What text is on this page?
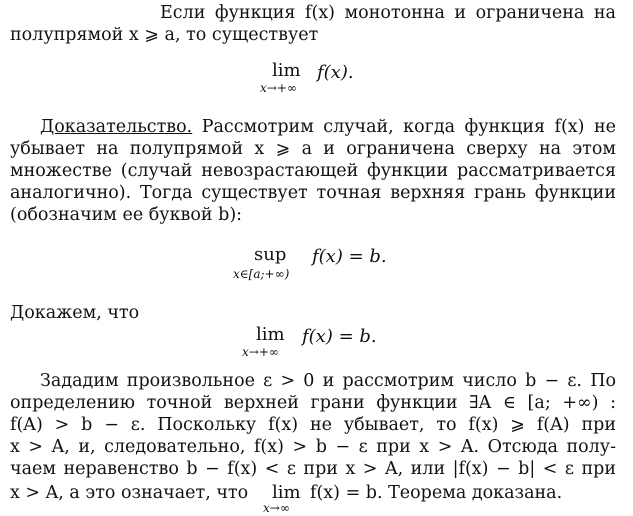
Если функция f(x) монотонна и ограничена на
полупрямой x ⩾ a, то существует
lim
x→+∞
f(x).
Доказательство. Рассмотрим случай, когда функция f(x) не
убывает на полупрямой x ⩾ a и ограничена сверху на этом
множестве (случай невозрастающей функции рассматривается
аналогично). Тогда существует точная верхняя грань функции
(обозначим ее буквой b):
sup
x∈[a;+∞)
f(x) = b.
Докажем, что
lim
x→+∞
f(x) = b.
Зададим произвольное ε > 0 и рассмотрим число b − ε. По
определению точной верхней грани функции ∃A ∈ [a; +∞) :
f(A) > b − ε. Поскольку f(x) не убывает, то f(x) ⩾ f(A) при
x > A, и, следовательно, f(x) > b − ε при x > A. Отсюда полу-
чаем неравенство b − f(x) < ε при x > A, или |f(x) − b| < ε при
x > A, а это означает, что lim
x→∞
f(x) = b. Теорема доказана.
